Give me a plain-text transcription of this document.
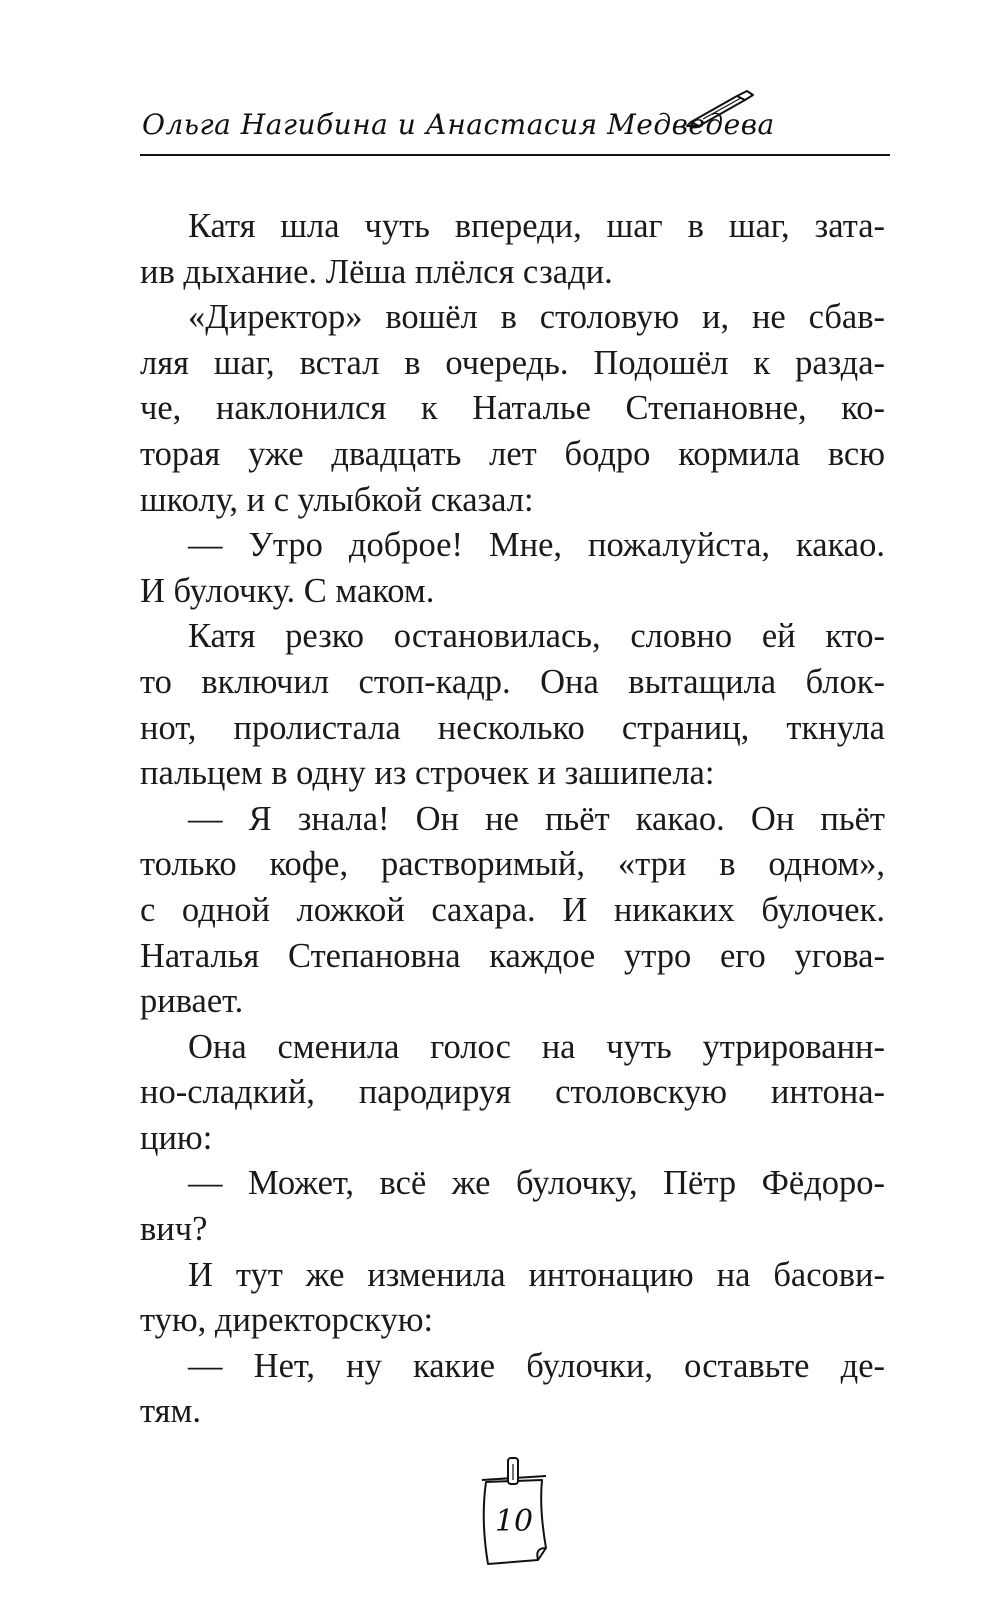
Ольга Нагибина и Анастасия Медведева

Катя шла чуть впереди, шаг в шаг, зата-
ив дыхание. Лёша плёлся сзади.

«Директор» вошёл в столовую и, не сбав-
ляя шаг, встал в очередь. Подошёл к разда-
че, наклонился к Наталье Степановне, ко-
торая уже двадцать лет бодро кормила всю
школу, и с улыбкой сказал:

— Утро доброе! Мне, пожалуйста, какао.
И булочку. С маком.

Катя резко остановилась, словно ей кто-
то включил стоп-кадр. Она вытащила блок-
нот, пролистала несколько страниц, ткнула
пальцем в одну из строчек и зашипела:

— Я знала! Он не пьёт какао. Он пьёт
только кофе, растворимый, «три в одном»,
с одной ложкой сахара. И никаких булочек.
Наталья Степановна каждое утро его угова-
ривает.

Она сменила голос на чуть утрированн-
но-сладкий, пародируя столовскую интона-
цию:

— Может, всё же булочку, Пётр Фёдоро-
вич?

И тут же изменила интонацию на басови-
тую, директорскую:

— Нет, ну какие булочки, оставьте де-
тям.

10
